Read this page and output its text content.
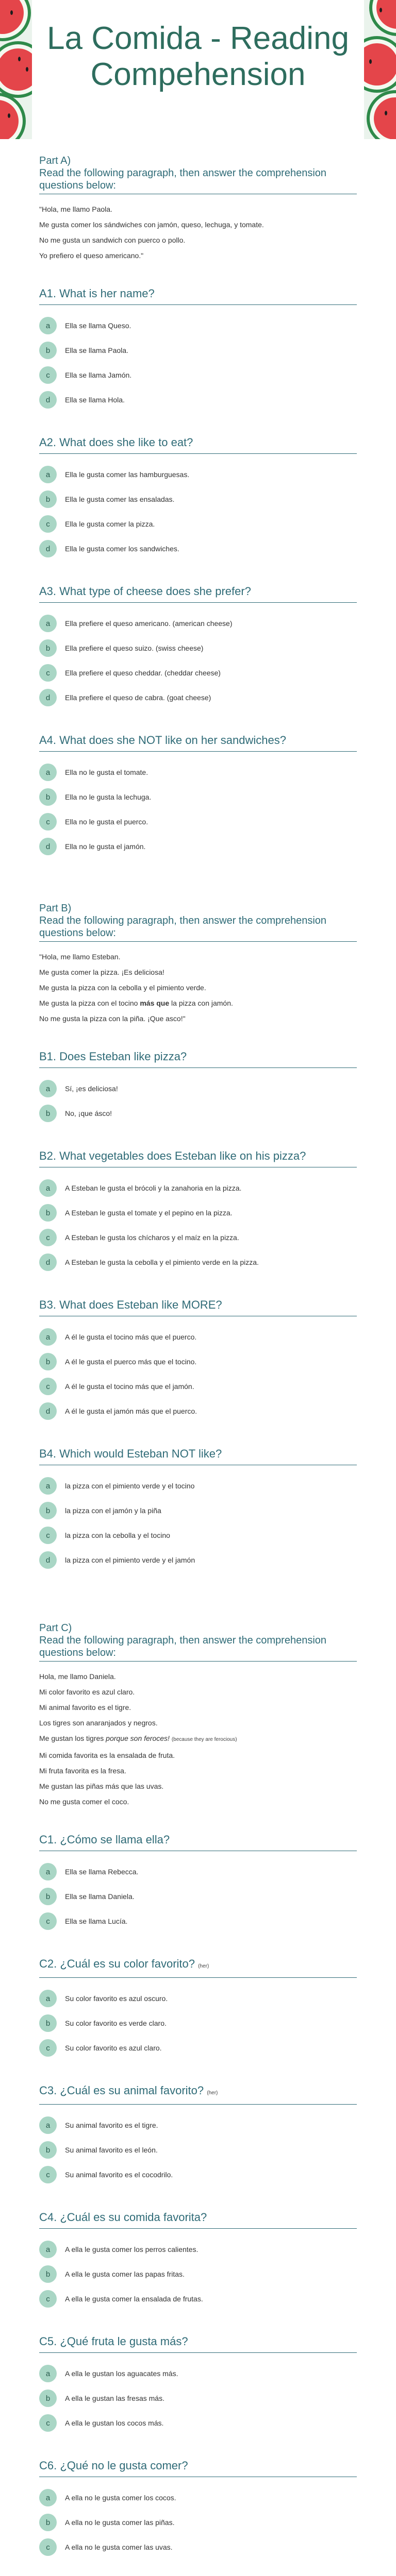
La Comida - Reading Compehension
Part A)
Read the following paragraph, then answer the comprehension questions below:
"Hola, me llamo Paola.
Me gusta comer los sándwiches con jamón, queso, lechuga, y tomate.
No me gusta un sandwich con puerco o pollo.
Yo prefiero el queso americano."
A1. What is her name?
a	Ella se llama Queso.
b	Ella se llama Paola.
c	Ella se llama Jamón.
d	Ella se llama Hola.
A2. What does she like to eat?
a	Ella le gusta comer las hamburguesas.
b	Ella le gusta comer las ensaladas.
c	Ella le gusta comer la pizza.
d	Ella le gusta comer los sandwiches.
A3. What type of cheese does she prefer?
a	Ella prefiere el queso americano. (american cheese)
b	Ella prefiere el queso suizo. (swiss cheese)
c	Ella prefiere el queso cheddar. (cheddar cheese)
d	Ella prefiere el queso de cabra. (goat cheese)
A4. What does she NOT like on her sandwiches?
a	Ella no le gusta el tomate.
b	Ella no le gusta la lechuga.
c	Ella no le gusta el puerco.
d	Ella no le gusta el jamón.
Part B)
Read the following paragraph, then answer the comprehension questions below:
"Hola, me llamo Esteban.
Me gusta comer la pizza. ¡Es deliciosa!
Me gusta la pizza con la cebolla y el pimiento verde.
Me gusta la pizza con el tocino más que la pizza con jamón.
No me gusta la pizza con la piña. ¡Que asco!"
B1. Does Esteban like pizza?
a	Sí, ¡es deliciosa!
b	No, ¡que ásco!
B2. What vegetables does Esteban like on his pizza?
a	A Esteban le gusta el brócoli y la zanahoria en la pizza.
b	A Esteban le gusta el tomate y el pepino en la pizza.
c	A Esteban le gusta los chícharos y el maíz en la pizza.
d	A Esteban le gusta la cebolla y el pimiento verde en la pizza.
B3. What does Esteban like MORE?
a	A él le gusta el tocino más que el puerco.
b	A él le gusta el puerco más que el tocino.
c	A él le gusta el tocino más que el jamón.
d	A él le gusta el jamón más que el puerco.
B4. Which would Esteban NOT like?
a	la pizza con el pimiento verde y el tocino
b	la pizza con el jamón y la piña
c	la pizza con la cebolla y el tocino
d	la pizza con el pimiento verde y el jamón
Part C)
Read the following paragraph, then answer the comprehension questions below:
Hola, me llamo Daniela.
Mi color favorito es azul claro.
Mi animal favorito es el tigre.
Los tigres son anaranjados y negros.
Me gustan los tigres porque son feroces! (because they are ferocious)
Mi comida favorita es la ensalada de fruta.
Mi fruta favorita es la fresa.
Me gustan las piñas más que las uvas.
No me gusta comer el coco.
C1. ¿Cómo se llama ella?
a	Ella se llama Rebecca.
b	Ella se llama Daniela.
c	Ella se llama Lucía.
C2. ¿Cuál es su color favorito? (her)
a	Su color favorito es azul oscuro.
b	Su color favorito es verde claro.
c	Su color favorito es azul claro.
C3. ¿Cuál es su animal favorito? (her)
a	Su animal favorito es el tigre.
b	Su animal favorito es el león.
c	Su animal favorito es el cocodrilo.
C4. ¿Cuál es su comida favorita?
a	A ella le gusta comer los perros calientes.
b	A ella le gusta comer las papas fritas.
c	A ella le gusta comer la ensalada de frutas.
C5. ¿Qué fruta le gusta más?
a	A ella le gustan los aguacates más.
b	A ella le gustan las fresas más.
c	A ella le gustan los cocos más.
C6. ¿Qué no le gusta comer?
a	A ella no le gusta comer los cocos.
b	A ella no le gusta comer las piñas.
c	A ella no le gusta comer las uvas.
